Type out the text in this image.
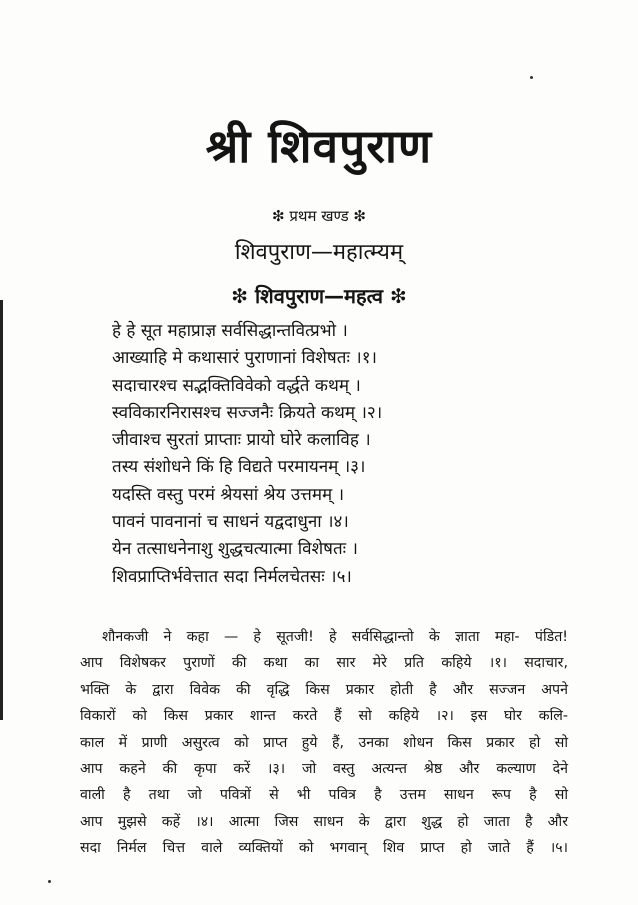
श्री शिवपुराण
❇ प्रथम खण्ड ❇
शिवपुराण—महात्म्यम्
❇ शिवपुराण—महत्व ❇
हे हे सूत महाप्राज्ञ सर्वसिद्धान्तवित्प्रभो ।
आख्याहि मे कथासारं पुराणानां विशेषतः ।१।
सदाचारश्च सद्भक्तिविवेको वर्द्धते कथम् ।
स्वविकारनिरासश्च सज्जनैः क्रियते कथम् ।२।
जीवाश्च सुरतां प्राप्ताः प्रायो घोरे कलाविह ।
तस्य संशोधने किं हि विद्यते परमायनम् ।३।
यदस्ति वस्तु परमं श्रेयसां श्रेय उत्तमम् ।
पावनं पावनानां च साधनं यद्वदाधुना ।४।
येन तत्साधनेनाशु शुद्धचत्यात्मा विशेषतः ।
शिवप्राप्तिर्भवेत्तात सदा निर्मलचेतसः ।५।
शौनकजी ने कहा — हे सूतजी! हे सर्वसिद्धान्तो के ज्ञाता महा- पंडित!
आप विशेषकर पुराणों की कथा का सार मेरे प्रति कहिये ।१। सदाचार,
भक्ति के द्वारा विवेक की वृद्धि किस प्रकार होती है और सज्जन अपने
विकारों को किस प्रकार शान्त करते हैं सो कहिये ।२। इस घोर कलि-
काल में प्राणी असुरत्व को प्राप्त हुये हैं, उनका शोधन किस प्रकार हो सो
आप कहने की कृपा करें ।३। जो वस्तु अत्यन्त श्रेष्ठ और कल्याण देने
वाली है तथा जो पवित्रों से भी पवित्र है उत्तम साधन रूप है सो
आप मुझसे कहें ।४। आत्मा जिस साधन के द्वारा शुद्ध हो जाता है और
सदा निर्मल चित्त वाले व्यक्तियों को भगवान् शिव प्राप्त हो जाते हैं ।५।
